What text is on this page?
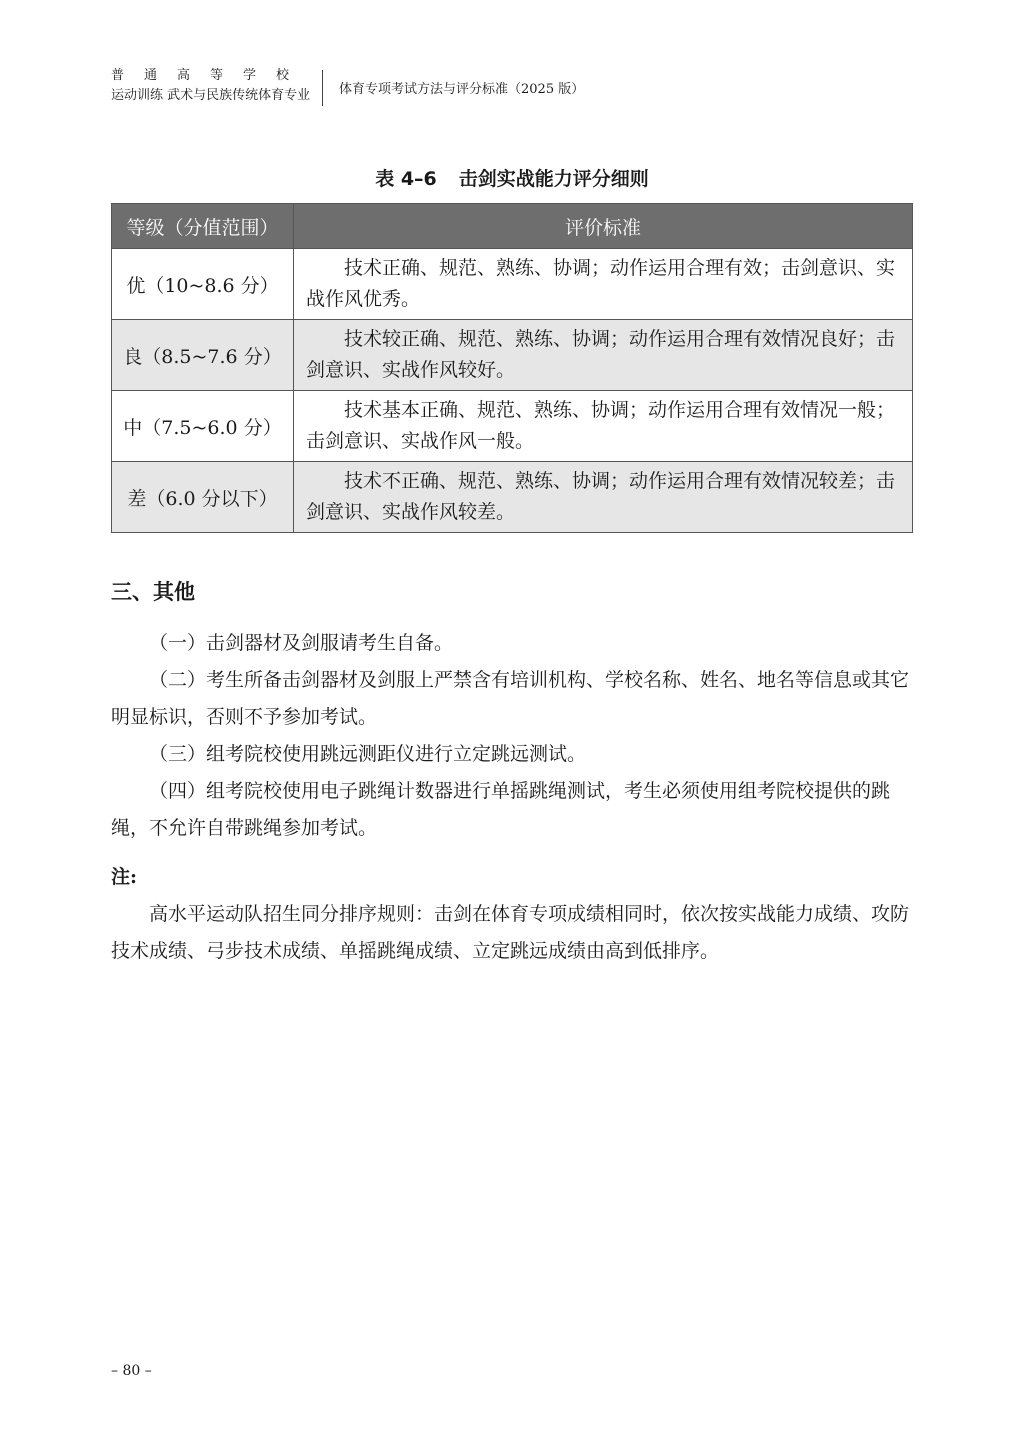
普通高等学校
运动训练 武术与民族传统体育专业	体育专项考试方法与评分标准（2025 版）
表 4–6 击剑实战能力评分细则
等级（分值范围）	评价标准
优（10~8.6 分）	技术正确、规范、熟练、协调；动作运用合理有效；击剑意识、实战作风优秀。
良（8.5~7.6 分）	技术较正确、规范、熟练、协调；动作运用合理有效情况良好；击剑意识、实战作风较好。
中（7.5~6.0 分）	技术基本正确、规范、熟练、协调；动作运用合理有效情况一般；击剑意识、实战作风一般。
差（6.0 分以下）	技术不正确、规范、熟练、协调；动作运用合理有效情况较差；击剑意识、实战作风较差。
三、其他
（一）击剑器材及剑服请考生自备。
（二）考生所备击剑器材及剑服上严禁含有培训机构、学校名称、姓名、地名等信息或其它明显标识，否则不予参加考试。
（三）组考院校使用跳远测距仪进行立定跳远测试。
（四）组考院校使用电子跳绳计数器进行单摇跳绳测试，考生必须使用组考院校提供的跳绳，不允许自带跳绳参加考试。
注:
高水平运动队招生同分排序规则：击剑在体育专项成绩相同时，依次按实战能力成绩、攻防技术成绩、弓步技术成绩、单摇跳绳成绩、立定跳远成绩由高到低排序。
– 80 –
